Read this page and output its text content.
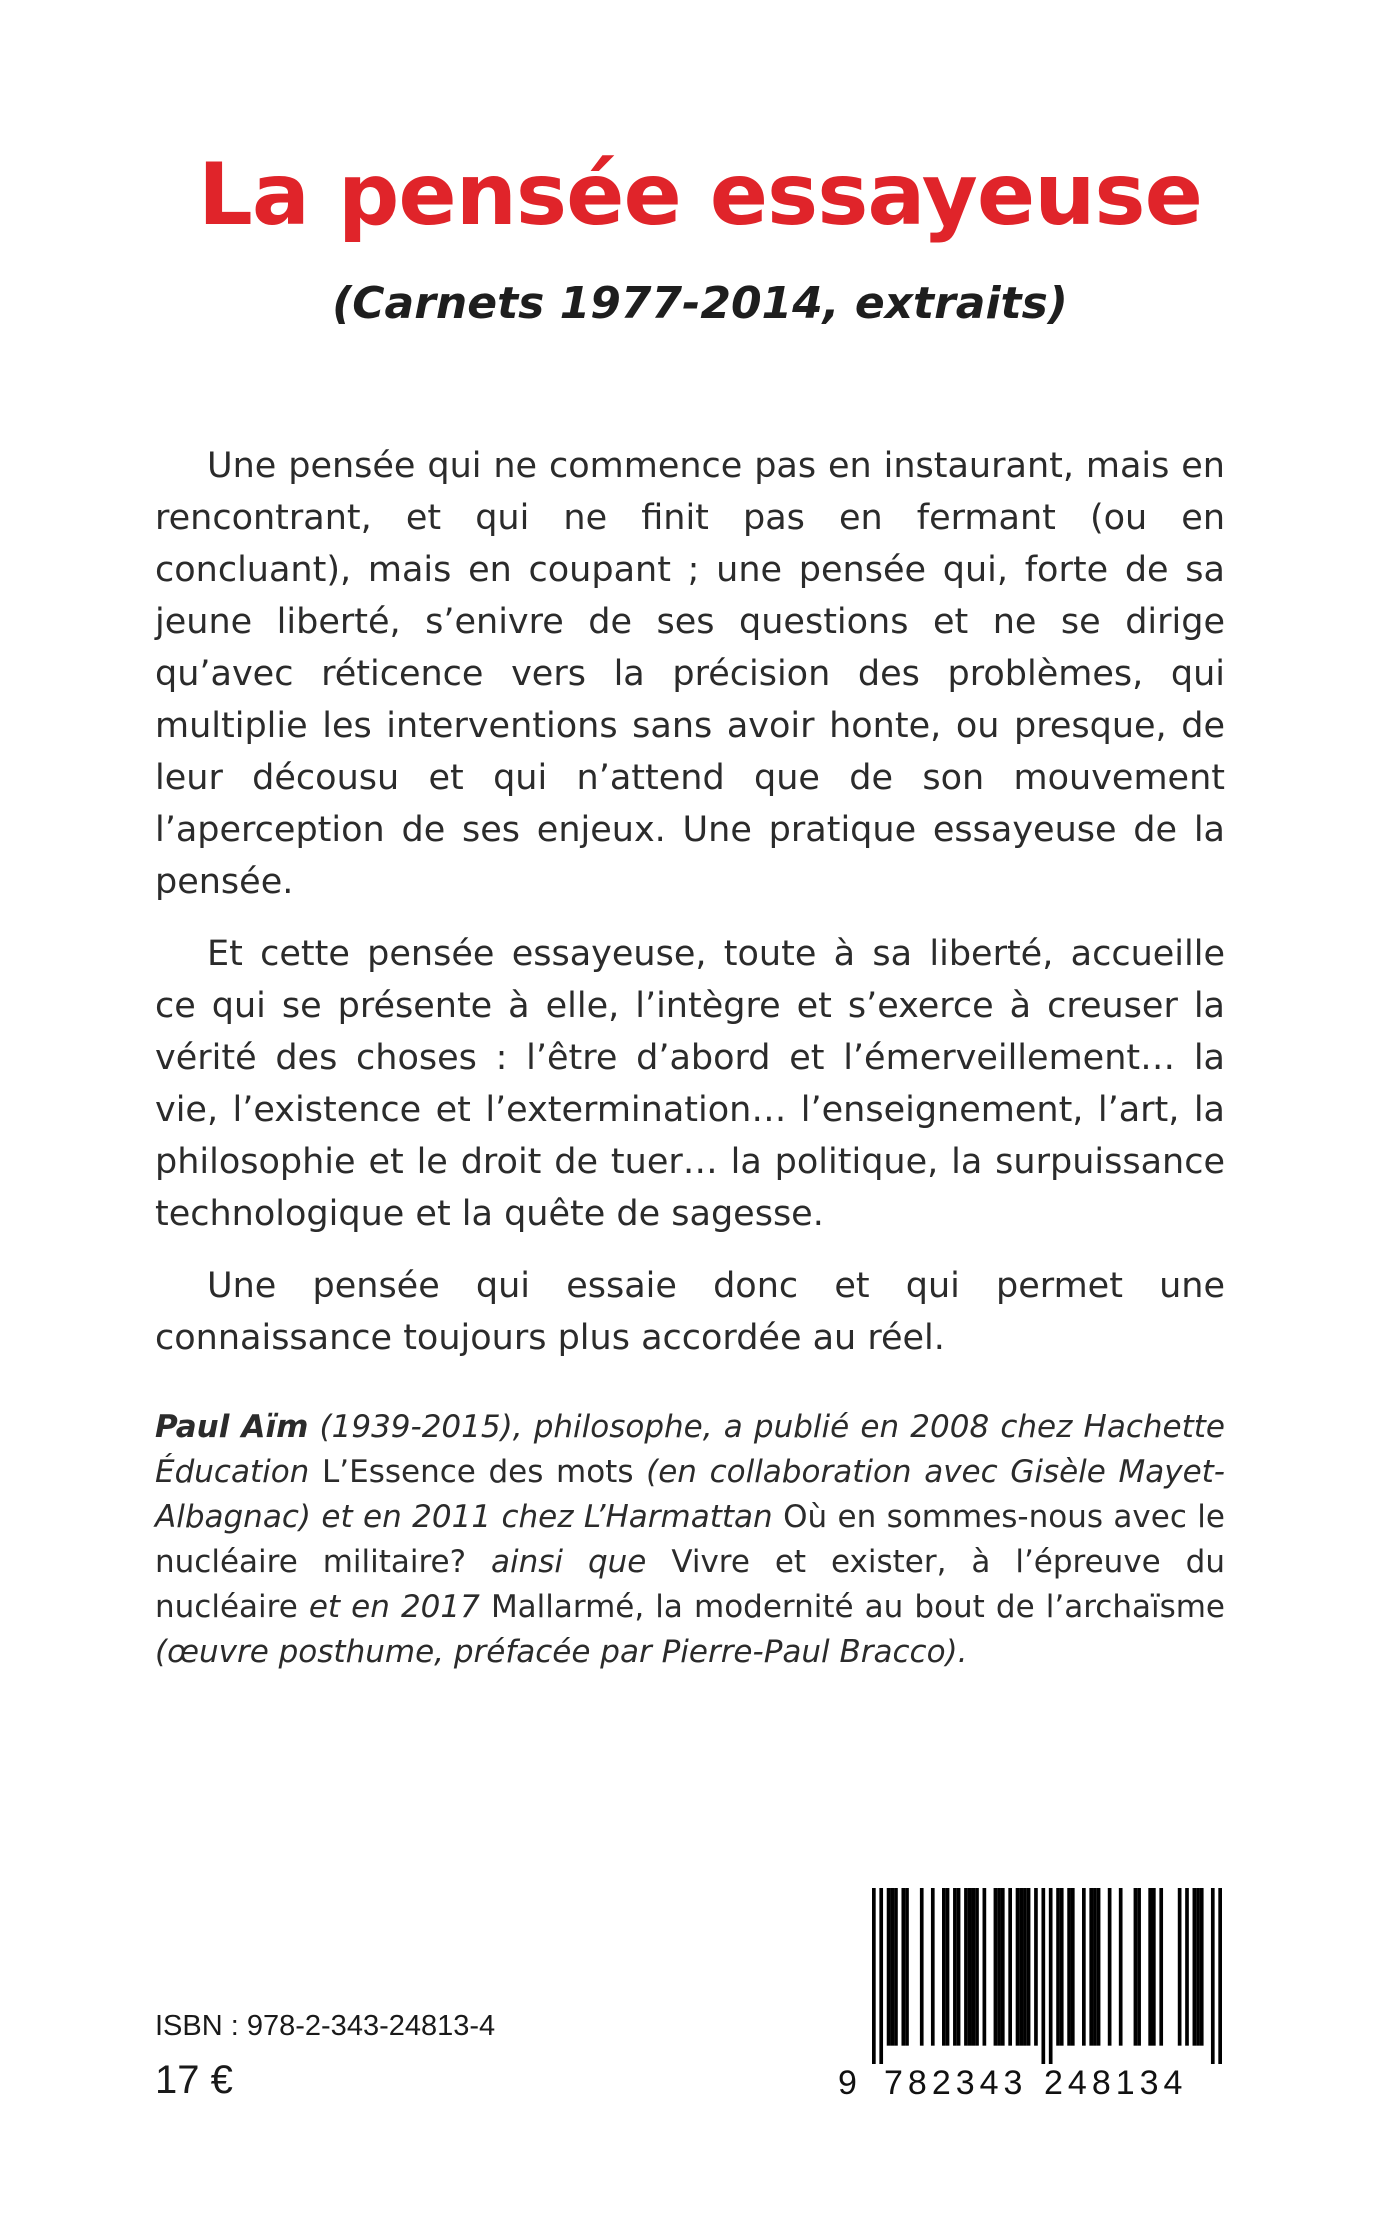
La pensée essayeuse
(Carnets 1977-2014, extraits)

Une pensée qui ne commence pas en instaurant, mais en rencontrant, et qui ne finit pas en fermant (ou en concluant), mais en coupant ; une pensée qui, forte de sa jeune liberté, s’enivre de ses questions et ne se dirige qu’avec réticence vers la précision des problèmes, qui multiplie les interventions sans avoir honte, ou presque, de leur décousu et qui n’attend que de son mouvement l’aperception de ses enjeux. Une pratique essayeuse de la pensée.

Et cette pensée essayeuse, toute à sa liberté, accueille ce qui se présente à elle, l’intègre et s’exerce à creuser la vérité des choses : l’être d’abord et l’émerveillement… la vie, l’existence et l’extermination… l’enseignement, l’art, la philosophie et le droit de tuer… la politique, la surpuissance technologique et la quête de sagesse.

Une pensée qui essaie donc et qui permet une connaissance toujours plus accordée au réel.

Paul Aïm (1939-2015), philosophe, a publié en 2008 chez Hachette Éducation L’Essence des mots (en collaboration avec Gisèle Mayet-Albagnac) et en 2011 chez L’Harmattan Où en sommes-nous avec le nucléaire militaire? ainsi que Vivre et exister, à l’épreuve du nucléaire et en 2017 Mallarmé, la modernité au bout de l’archaïsme (œuvre posthume, préfacée par Pierre-Paul Bracco).

ISBN : 978-2-343-24813-4
17 €	9 782343 248134
